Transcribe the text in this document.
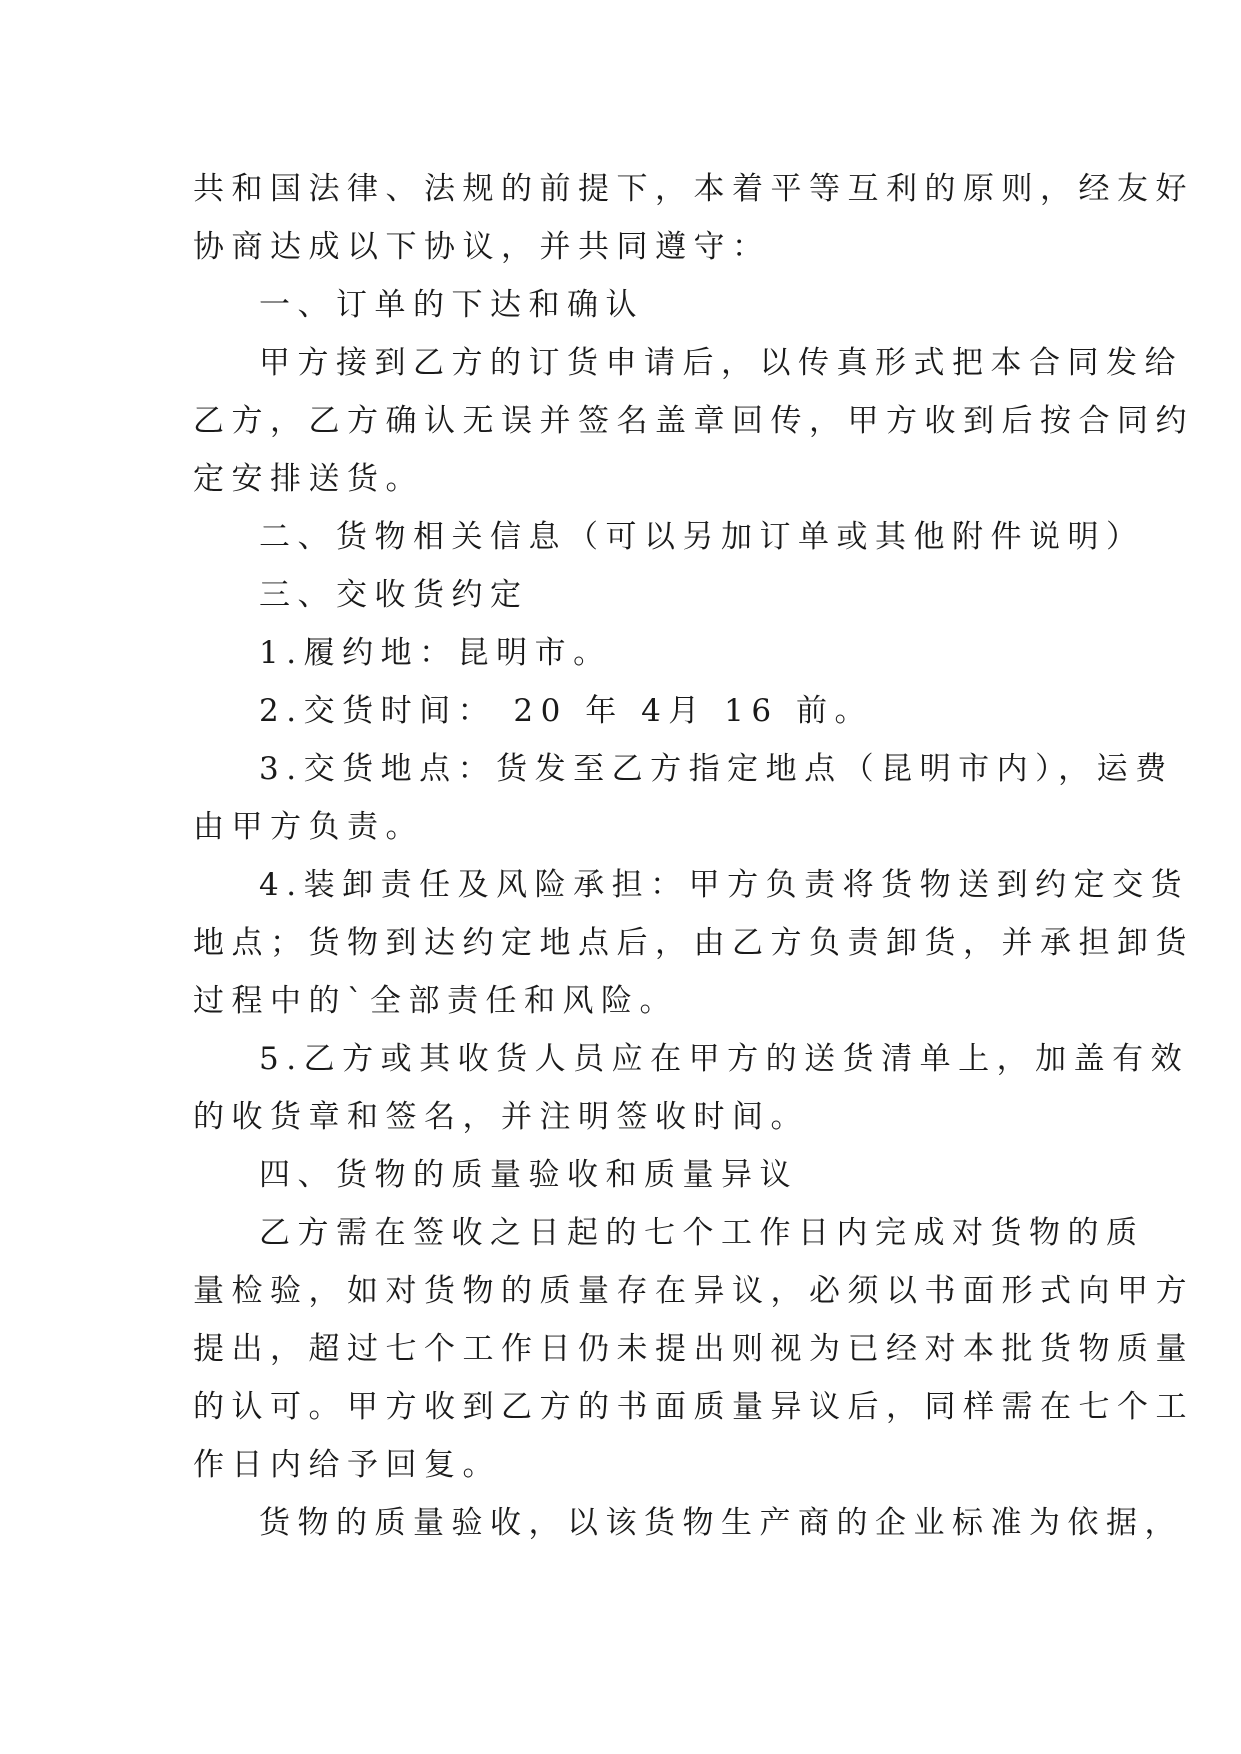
共和国法律、法规的前提下，本着平等互利的原则，经友好
协商达成以下协议，并共同遵守：
一、订单的下达和确认
甲方接到乙方的订货申请后，以传真形式把本合同发给
乙方，乙方确认无误并签名盖章回传，甲方收到后按合同约
定安排送货。
二、货物相关信息（可以另加订单或其他附件说明）
三、交收货约定
1.履约地：昆明市。
2.交货时间： 20 年 4月 16 前。
3.交货地点：货发至乙方指定地点（昆明市内），运费
由甲方负责。
4.装卸责任及风险承担：甲方负责将货物送到约定交货
地点；货物到达约定地点后，由乙方负责卸货，并承担卸货
过程中的`全部责任和风险。
5.乙方或其收货人员应在甲方的送货清单上，加盖有效
的收货章和签名，并注明签收时间。
四、货物的质量验收和质量异议
乙方需在签收之日起的七个工作日内完成对货物的质
量检验，如对货物的质量存在异议，必须以书面形式向甲方
提出，超过七个工作日仍未提出则视为已经对本批货物质量
的认可。甲方收到乙方的书面质量异议后，同样需在七个工
作日内给予回复。
货物的质量验收，以该货物生产商的企业标准为依据，
